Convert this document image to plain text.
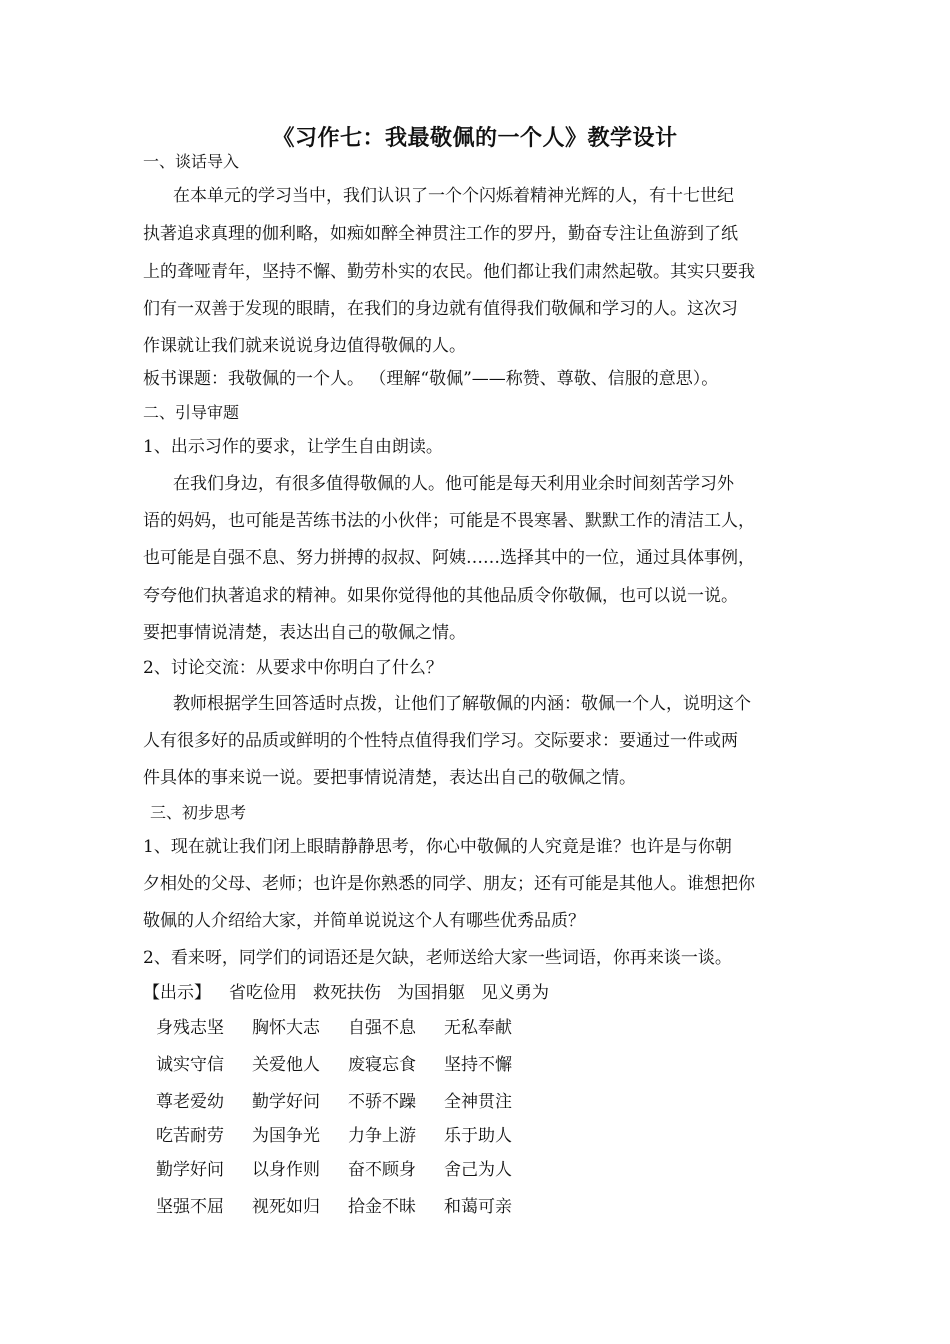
《习作七：我最敬佩的一个人》教学设计
一、谈话导入
在本单元的学习当中，我们认识了一个个闪烁着精神光辉的人，有十七世纪
执著追求真理的伽利略，如痴如醉全神贯注工作的罗丹，勤奋专注让鱼游到了纸
上的聋哑青年，坚持不懈、勤劳朴实的农民。他们都让我们肃然起敬。其实只要我
们有一双善于发现的眼睛，在我们的身边就有值得我们敬佩和学习的人。这次习
作课就让我们就来说说身边值得敬佩的人。
板书课题：我敬佩的一个人。 （理解“敬佩”——称赞、尊敬、信服的意思）。
二、引导审题
1、出示习作的要求，让学生自由朗读。
在我们身边，有很多值得敬佩的人。他可能是每天利用业余时间刻苦学习外
语的妈妈，也可能是苦练书法的小伙伴；可能是不畏寒暑、默默工作的清洁工人，
也可能是自强不息、努力拼搏的叔叔、阿姨……选择其中的一位，通过具体事例，
夸夸他们执著追求的精神。如果你觉得他的其他品质令你敬佩，也可以说一说。
要把事情说清楚，表达出自己的敬佩之情。
2、讨论交流：从要求中你明白了什么？
教师根据学生回答适时点拨，让他们了解敬佩的内涵：敬佩一个人，说明这个
人有很多好的品质或鲜明的个性特点值得我们学习。交际要求：要通过一件或两
件具体的事来说一说。要把事情说清楚，表达出自己的敬佩之情。
三、初步思考
1、现在就让我们闭上眼睛静静思考，你心中敬佩的人究竟是谁？也许是与你朝
夕相处的父母、老师；也许是你熟悉的同学、朋友；还有可能是其他人。谁想把你
敬佩的人介绍给大家，并简单说说这个人有哪些优秀品质？
2、看来呀，同学们的词语还是欠缺，老师送给大家一些词语，你再来谈一谈。
【出示】 省吃俭用 救死扶伤 为国捐躯 见义勇为
身残志坚 胸怀大志 自强不息 无私奉献
诚实守信 关爱他人 废寝忘食 坚持不懈
尊老爱幼 勤学好问 不骄不躁 全神贯注
吃苦耐劳 为国争光 力争上游 乐于助人
勤学好问 以身作则 奋不顾身 舍己为人
坚强不屈 视死如归 拾金不昧 和蔼可亲
